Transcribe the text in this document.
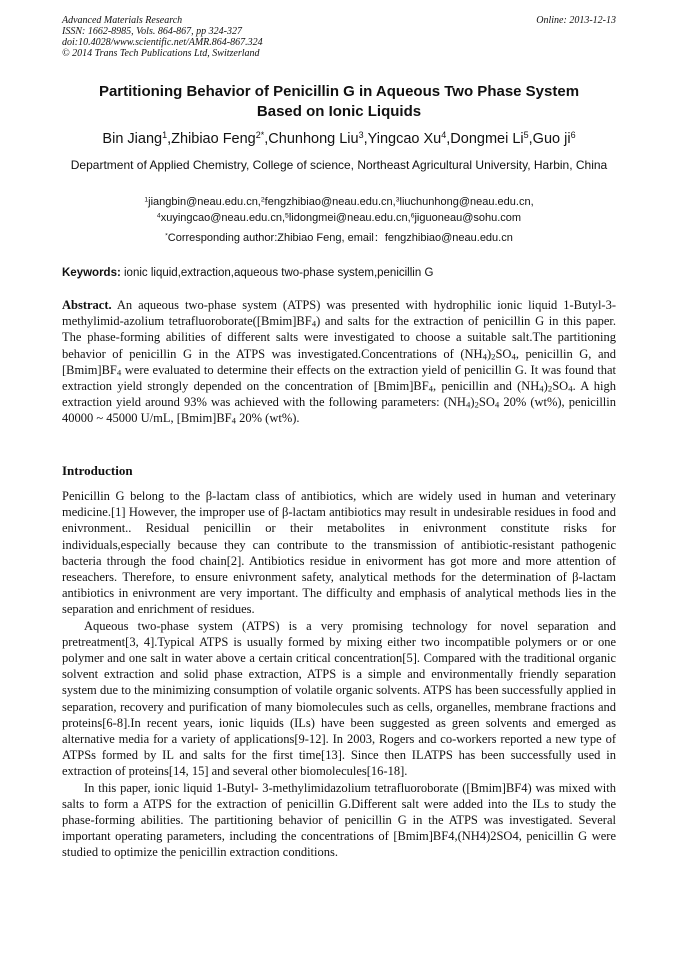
Advanced Materials Research
ISSN: 1662-8985, Vols. 864-867, pp 324-327
doi:10.4028/www.scientific.net/AMR.864-867.324
© 2014 Trans Tech Publications Ltd, Switzerland
Online: 2013-12-13
Partitioning Behavior of Penicillin G in Aqueous Two Phase System
Based on Ionic Liquids
Bin Jiang$^1$,Zhibiao Feng$^{2*}$,Chunhong Liu$^3$,Yingcao Xu$^4$,Dongmei Li$^5$,Guo $ji^6$
Department of Applied Chemistry, College of science, Northeast Agricultural University, Harbin, China
$^1$jiangbin@neau.edu.cn,$^2$fengzhibiao@neau.edu.cn,$^3$liuchunhong@neau.edu.cn,
$^4$xuyingcao@neau.edu.cn,$^5$lidongmei@neau.edu.cn,$^6$jiguoneau@sohu.com
*Corresponding author:Zhibiao Feng, email：fengzhibiao@neau.edu.cn
Keywords: ionic liquid,extraction,aqueous two-phase system,penicillin G
Abstract. An aqueous two-phase system (ATPS) was presented with hydrophilic ionic liquid 1-Butyl-3-methylimid-azolium $tetrafluoroborate([Bmim]BF_4)$ and salts for the extraction of penicillin G in this paper. The phase-forming abilities of different salts were investigated to choose a suitable salt.The partitioning behavior of penicillin G in the ATPS was investigated.Concentrations of $(NH_4)_2SO_4$, penicillin G, and $[Bmim]BF_4$ were evaluated to determine their effects on the extraction yield of penicillin G. It was found that extraction yield strongly depended on the concentration of $[Bmim]BF_4$, penicillin and $(NH_4)_2SO_4$. A high extraction yield around 93% was achieved with the following parameters: $(NH_4)_2SO_4$ 20% (wt%), penicillin 40000 ~ 45000 U/mL, $[Bmim]BF_4$ 20% (wt%).
Introduction

Penicillin G belong to the β-lactam class of antibiotics, which are widely used in human and veterinary medicine.[1] However, the improper use of β-lactam antibiotics may result in undesirable residues in food and enivronment.. Residual penicillin or their metabolites in enivronment constitute risks for individuals,especially because they can contribute to the transmission of antibiotic-resistant pathogenic bacteria through the food chain[2]. Antibiotics residue in enivorment has got more and more attention of reseachers. Therefore, to ensure enivronment safety, analytical methods for the determination of β-lactam antibiotics in enivronment are very important. The difficulty and emphasis of analytical methods lies in the separation and enrichment of residues.

Aqueous two-phase system (ATPS) is a very promising technology for novel separation and pretreatment[3, 4].Typical ATPS is usually formed by mixing either two incompatible polymers or or one polymer and one salt in water above a certain critical concentration[5]. Compared with the traditional organic solvent extraction and solid phase extraction, ATPS is a simple and environmentally friendly separation system due to the minimizing consumption of volatile organic solvents. ATPS has been successfully applied in separation, recovery and purification of many biomolecules such as cells, organelles, membrane fractions and proteins[6-8].In recent years, ionic liquids (ILs) have been suggested as green solvents and emerged as alternative media for a variety of applications[9-12]. In 2003, Rogers and co-workers reported a new type of ATPSs formed by IL and salts for the first time[13]. Since then ILATPS has been successfully used in extraction of proteins[14, 15] and several other biomolecules[16-18].

In this paper, ionic liquid 1-Butyl- 3-methylimidazolium tetrafluoroborate ([Bmim]BF4) was mixed with salts to form a ATPS for the extraction of penicillin G.Different salt were added into the ILs to study the phase-forming abilities. The partitioning behavior of penicillin G in the ATPS was investigated. Several important operating parameters, including the concentrations of [Bmim]BF4,(NH4)2SO4, penicillin G were studied to optimize the penicillin extraction conditions.
